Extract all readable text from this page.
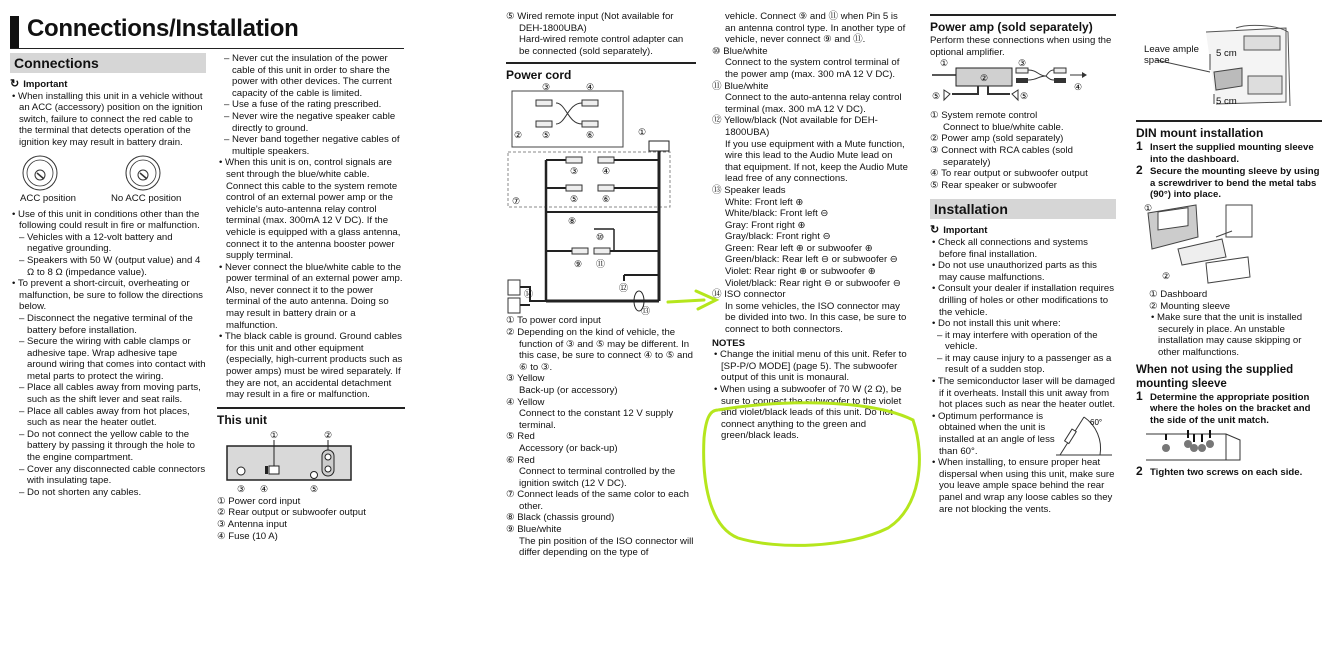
Connections/Installation
Connections
↻ Important
• When installing this unit in a vehicle without an ACC (accessory) position on the ignition switch, failure to connect the red cable to the terminal that detects operation of the ignition key may result in battery drain.
ACC position	No ACC position
• Use of this unit in conditions other than the following could result in fire or malfunction.
– Vehicles with a 12-volt battery and negative grounding.
– Speakers with 50 W (output value) and 4 Ω to 8 Ω (impedance value).
• To prevent a short-circuit, overheating or malfunction, be sure to follow the directions below.
– Disconnect the negative terminal of the battery before installation.
– Secure the wiring with cable clamps or adhesive tape. Wrap adhesive tape around wiring that comes into contact with metal parts to protect the wiring.
– Place all cables away from moving parts, such as the shift lever and seat rails.
– Place all cables away from hot places, such as near the heater outlet.
– Do not connect the yellow cable to the battery by passing it through the hole to the engine compartment.
– Cover any disconnected cable connectors with insulating tape.
– Do not shorten any cables.
– Never cut the insulation of the power cable of this unit in order to share the power with other devices. The current capacity of the cable is limited.
– Use a fuse of the rating prescribed.
– Never wire the negative speaker cable directly to ground.
– Never band together negative cables of multiple speakers.
• When this unit is on, control signals are sent through the blue/white cable. Connect this cable to the system remote control of an external power amp or the vehicle's auto-antenna relay control terminal (max. 300mA 12 V DC). If the vehicle is equipped with a glass antenna, connect it to the antenna booster power supply terminal.
• Never connect the blue/white cable to the power terminal of an external power amp. Also, never connect it to the power terminal of the auto antenna. Doing so may result in battery drain or a malfunction.
• The black cable is ground. Ground cables for this unit and other equipment (especially, high-current products such as power amps) must be wired separately. If they are not, an accidental detachment may result in a fire or malfunction.
This unit
①	②
③ ④	⑤
① Power cord input
② Rear output or subwoofer output
③ Antenna input
④ Fuse (10 A)
⑤ Wired remote input (Not available for DEH-1800UBA)
Hard-wired remote control adapter can be connected (sold separately).
Power cord
③	④
② ⑤	⑥	①
③	④
⑤	⑥
⑦
⑧
⑨
⑩
⑪
⑫
⑬
⑭
① To power cord input
② Depending on the kind of vehicle, the function of ③ and ⑤ may be different. In this case, be sure to connect ④ to ⑤ and ⑥ to ③.
③ Yellow
Back-up (or accessory)
④ Yellow
Connect to the constant 12 V supply terminal.
⑤ Red
Accessory (or back-up)
⑥ Red
Connect to terminal controlled by the ignition switch (12 V DC).
⑦ Connect leads of the same color to each other.
⑧ Black (chassis ground)
⑨ Blue/white
The pin position of the ISO connector will differ depending on the type of
vehicle. Connect ⑨ and ⑪ when Pin 5 is an antenna control type. In another type of vehicle, never connect ⑨ and ⑪.
⑩ Blue/white
Connect to the system control terminal of the power amp (max. 300 mA 12 V DC).
⑪ Blue/white
Connect to the auto-antenna relay control terminal (max. 300 mA 12 V DC).
⑫ Yellow/black (Not available for DEH-1800UBA)
If you use equipment with a Mute function, wire this lead to the Audio Mute lead on that equipment. If not, keep the Audio Mute lead free of any connections.
⑬ Speaker leads
White: Front left ⊕
White/black: Front left ⊖
Gray: Front right ⊕
Gray/black: Front right ⊖
Green: Rear left ⊕ or subwoofer ⊕
Green/black: Rear left ⊖ or subwoofer ⊖
Violet: Rear right ⊕ or subwoofer ⊕
Violet/black: Rear right ⊖ or subwoofer ⊖
⑭ ISO connector
In some vehicles, the ISO connector may be divided into two. In this case, be sure to connect to both connectors.
NOTES
• Change the initial menu of this unit. Refer to [SP-P/O MODE] (page 5). The subwoofer output of this unit is monaural.
• When using a subwoofer of 70 W (2 Ω), be sure to connect the subwoofer to the violet and violet/black leads of this unit. Do not connect anything to the green and green/black leads.
Power amp (sold separately)
Perform these connections when using the optional amplifier.
①
②
③
④
⑤	⑤
① System remote control
Connect to blue/white cable.
② Power amp (sold separately)
③ Connect with RCA cables (sold separately)
④ To rear output or subwoofer output
⑤ Rear speaker or subwoofer
Installation
↻ Important
• Check all connections and systems before final installation.
• Do not use unauthorized parts as this may cause malfunctions.
• Consult your dealer if installation requires drilling of holes or other modifications to the vehicle.
• Do not install this unit where:
– it may interfere with operation of the vehicle.
– it may cause injury to a passenger as a result of a sudden stop.
• The semiconductor laser will be damaged if it overheats. Install this unit away from hot places such as near the heater outlet.
• Optimum performance is obtained when the unit is installed at an angle of less than 60°.
60°
• When installing, to ensure proper heat dispersal when using this unit, make sure you leave ample space behind the rear panel and wrap any loose cables so they are not blocking the vents.
Leave ample space
5 cm
5 cm
DIN mount installation
1 Insert the supplied mounting sleeve into the dashboard.
2 Secure the mounting sleeve by using a screwdriver to bend the metal tabs (90°) into place.
①
②
① Dashboard
② Mounting sleeve
• Make sure that the unit is installed securely in place. An unstable installation may cause skipping or other malfunctions.
When not using the supplied mounting sleeve
1 Determine the appropriate position where the holes on the bracket and the side of the unit match.
2 Tighten two screws on each side.
